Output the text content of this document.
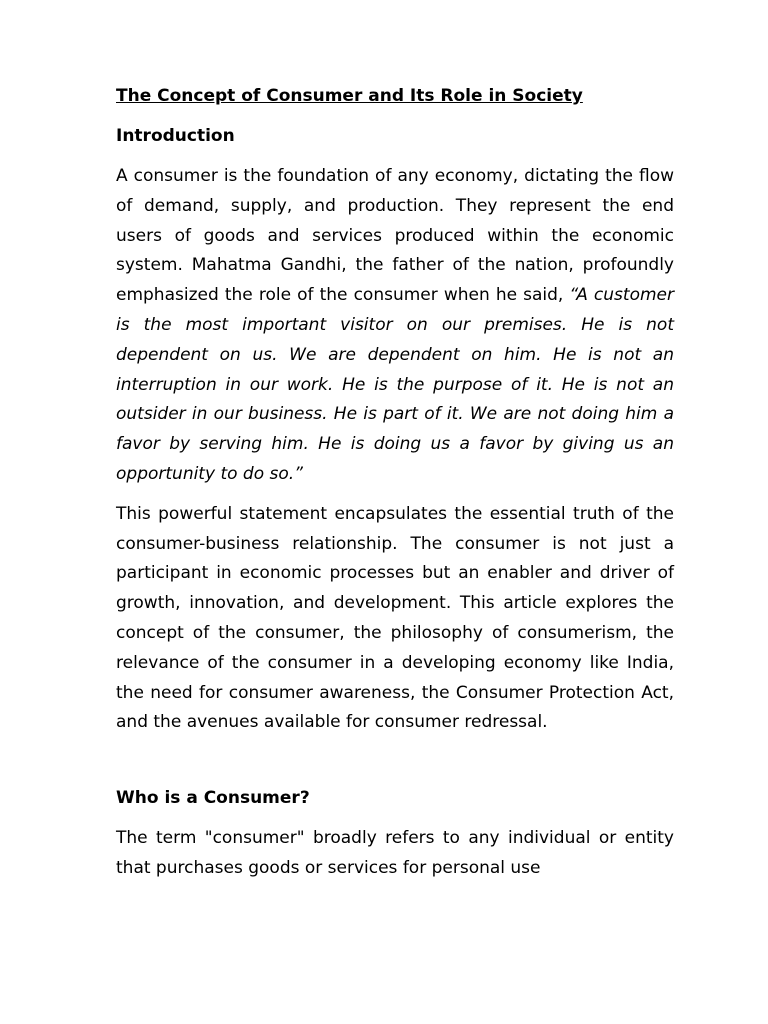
The Concept of Consumer and Its Role in Society
Introduction

A consumer is the foundation of any economy, dictating the flow of demand, supply, and production. They represent the end users of goods and services produced within the economic system. Mahatma Gandhi, the father of the nation, profoundly emphasized the role of the consumer when he said, “A customer is the most important visitor on our premises. He is not dependent on us. We are dependent on him. He is not an interruption in our work. He is the purpose of it. He is not an outsider in our business. He is part of it. We are not doing him a favor by serving him. He is doing us a favor by giving us an opportunity to do so.”

This powerful statement encapsulates the essential truth of the consumer-business relationship. The consumer is not just a participant in economic processes but an enabler and driver of growth, innovation, and development. This article explores the concept of the consumer, the philosophy of consumerism, the relevance of the consumer in a developing economy like India, the need for consumer awareness, the Consumer Protection Act, and the avenues available for consumer redressal.

Who is a Consumer?

The term "consumer" broadly refers to any individual or entity that purchases goods or services for personal use
